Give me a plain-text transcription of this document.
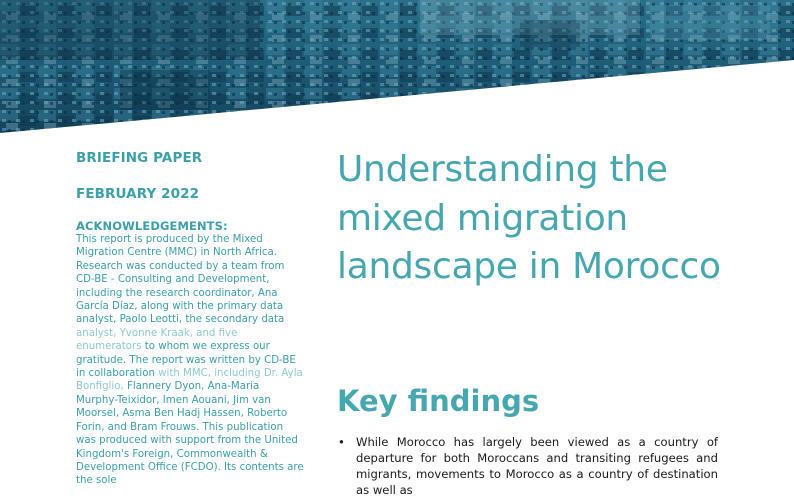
BRIEFING PAPER

FEBRUARY 2022

ACKNOWLEDGEMENTS:

This report is produced by the Mixed Migration Centre (MMC) in North Africa. Research was conducted by a team from CD-BE - Consulting and Development, including the research coordinator, Ana García Díaz, along with the primary data analyst, Paolo Leotti, the secondary data analyst, Yvonne Kraak, and five enumerators to whom we express our gratitude. The report was written by CD-BE in collaboration with MMC, including Dr. Ayla Bonfiglio, Flannery Dyon, Ana-Maria Murphy-Teixidor, Imen Aouani, Jim van Moorsel, Asma Ben Hadj Hassen, Roberto Forin, and Bram Frouws. This publication was produced with support from the United Kingdom's Foreign, Commonwealth & Development Office (FCDO). Its contents are the sole

Understanding the mixed migration landscape in Morocco
Key findings
• While Morocco has largely been viewed as a country of departure for both Moroccans and transiting refugees and migrants, movements to Morocco as a country of destination as well as
